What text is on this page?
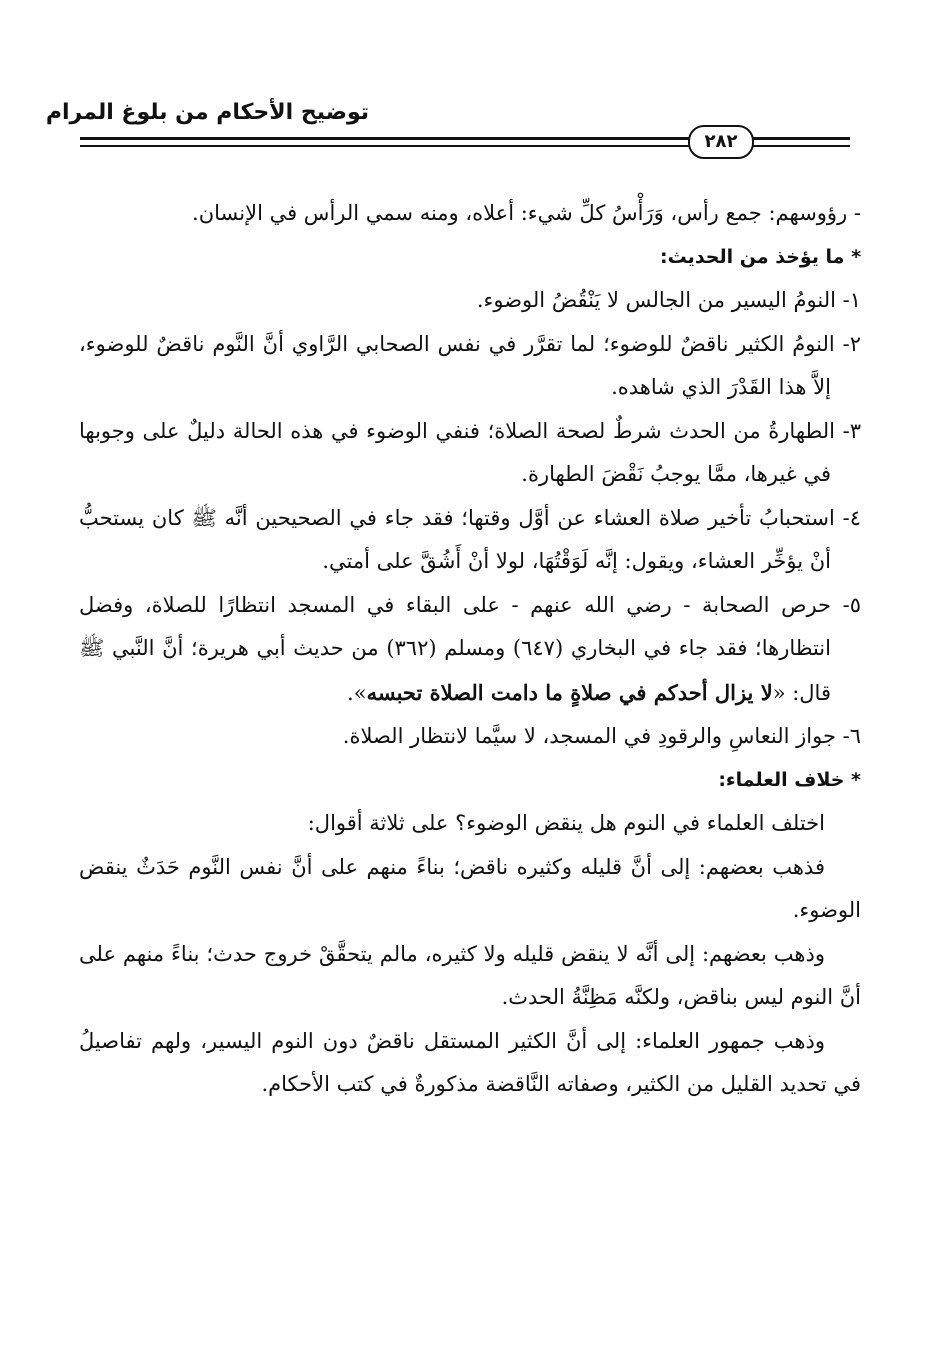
توضيح الأحكام من بلوغ المرام
٢٨٢

- رؤوسهم: جمع رأس، وَرَأْسُ كلِّ شيء: أعلاه، ومنه سمي الرأس في الإنسان.

* ما يؤخذ من الحديث:

١- النومُ اليسير من الجالس لا يَنْقُضُ الوضوء.

٢- النومُ الكثير ناقضٌ للوضوء؛ لما تقرَّر في نفس الصحابي الرَّاوي أنَّ النَّوم ناقضٌ للوضوء، إلاَّ هذا القَدْرَ الذي شاهده.

٣- الطهارةُ من الحدث شرطٌ لصحة الصلاة؛ فنفي الوضوء في هذه الحالة دليلٌ على وجوبها في غيرها، ممَّا يوجبُ نَقْضَ الطهارة.

٤- استحبابُ تأخير صلاة العشاء عن أوَّل وقتها؛ فقد جاء في الصحيحين أنَّه ﷺ كان يستحبُّ أنْ يؤخِّر العشاء، ويقول: إنَّه لَوَقْتُهَا، لولا أنْ أَشُقَّ على أمتي.

٥- حرص الصحابة - رضي الله عنهم - على البقاء في المسجد انتظارًا للصلاة، وفضل انتظارها؛ فقد جاء في البخاري (٦٤٧) ومسلم (٣٦٢) من حديث أبي هريرة؛ أنَّ النَّبي ﷺ قال: «لا يزال أحدكم في صلاةٍ ما دامت الصلاة تحبسه».

٦- جواز النعاسِ والرقودِ في المسجد، لا سيَّما لانتظار الصلاة.

* خلاف العلماء:

اختلف العلماء في النوم هل ينقض الوضوء؟ على ثلاثة أقوال:

فذهب بعضهم: إلى أنَّ قليله وكثيره ناقض؛ بناءً منهم على أنَّ نفس النَّوم حَدَثٌ ينقض الوضوء.

وذهب بعضهم: إلى أنَّه لا ينقض قليله ولا كثيره، مالم يتحقَّقْ خروج حدث؛ بناءً منهم على أنَّ النوم ليس بناقض، ولكنَّه مَظِنَّةُ الحدث.

وذهب جمهور العلماء: إلى أنَّ الكثير المستقل ناقضٌ دون النوم اليسير، ولهم تفاصيلُ في تحديد القليل من الكثير، وصفاته النَّاقضة مذكورةٌ في كتب الأحكام.
